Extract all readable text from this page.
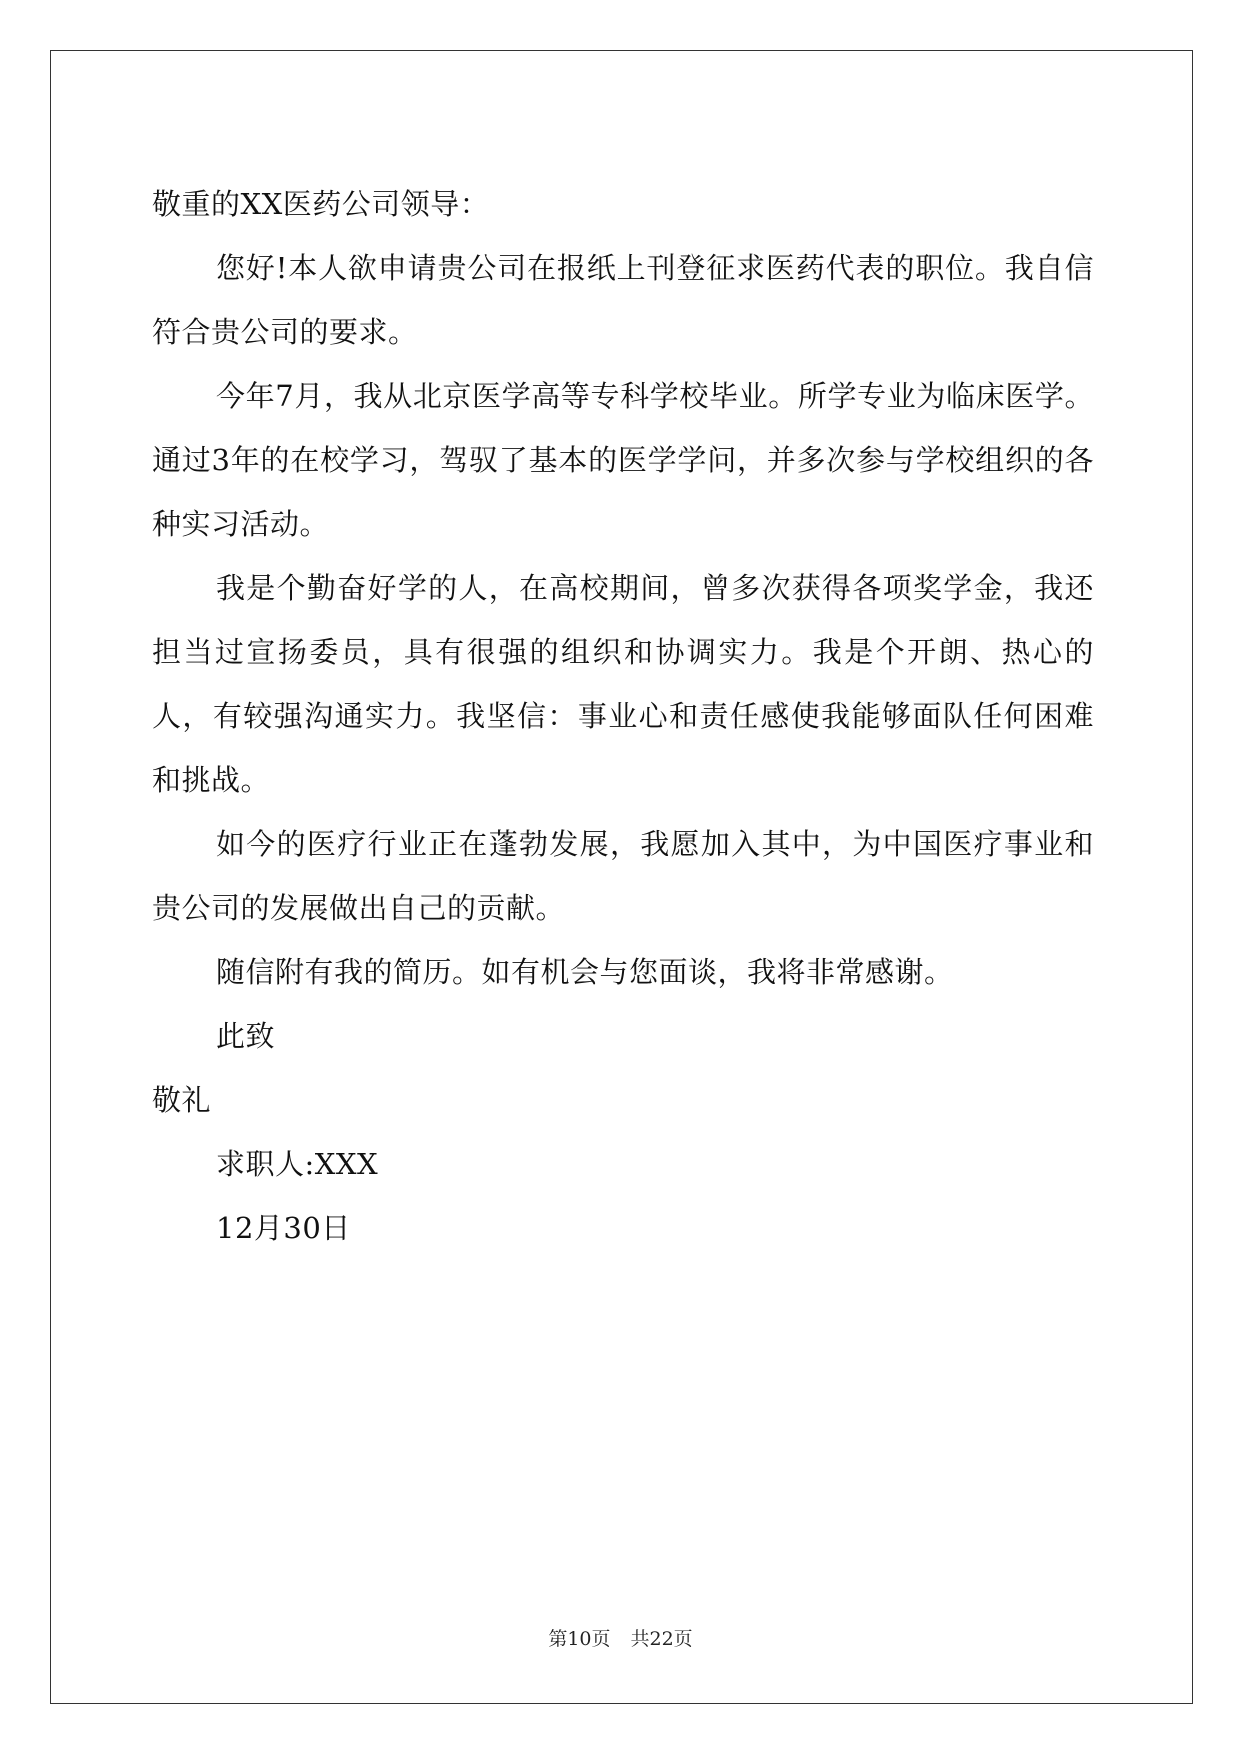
敬重的XX医药公司领导：

您好!本人欲申请贵公司在报纸上刊登征求医药代表的职位。我自信符合贵公司的要求。

今年7月，我从北京医学高等专科学校毕业。所学专业为临床医学。通过3年的在校学习，驾驭了基本的医学学问，并多次参与学校组织的各种实习活动。

我是个勤奋好学的人，在高校期间，曾多次获得各项奖学金，我还担当过宣扬委员，具有很强的组织和协调实力。我是个开朗、热心的人，有较强沟通实力。我坚信：事业心和责任感使我能够面队任何困难和挑战。

如今的医疗行业正在蓬勃发展，我愿加入其中，为中国医疗事业和贵公司的发展做出自己的贡献。

随信附有我的简历。如有机会与您面谈，我将非常感谢。

此致

敬礼

求职人:XXX

12月30日

第10页 共22页
